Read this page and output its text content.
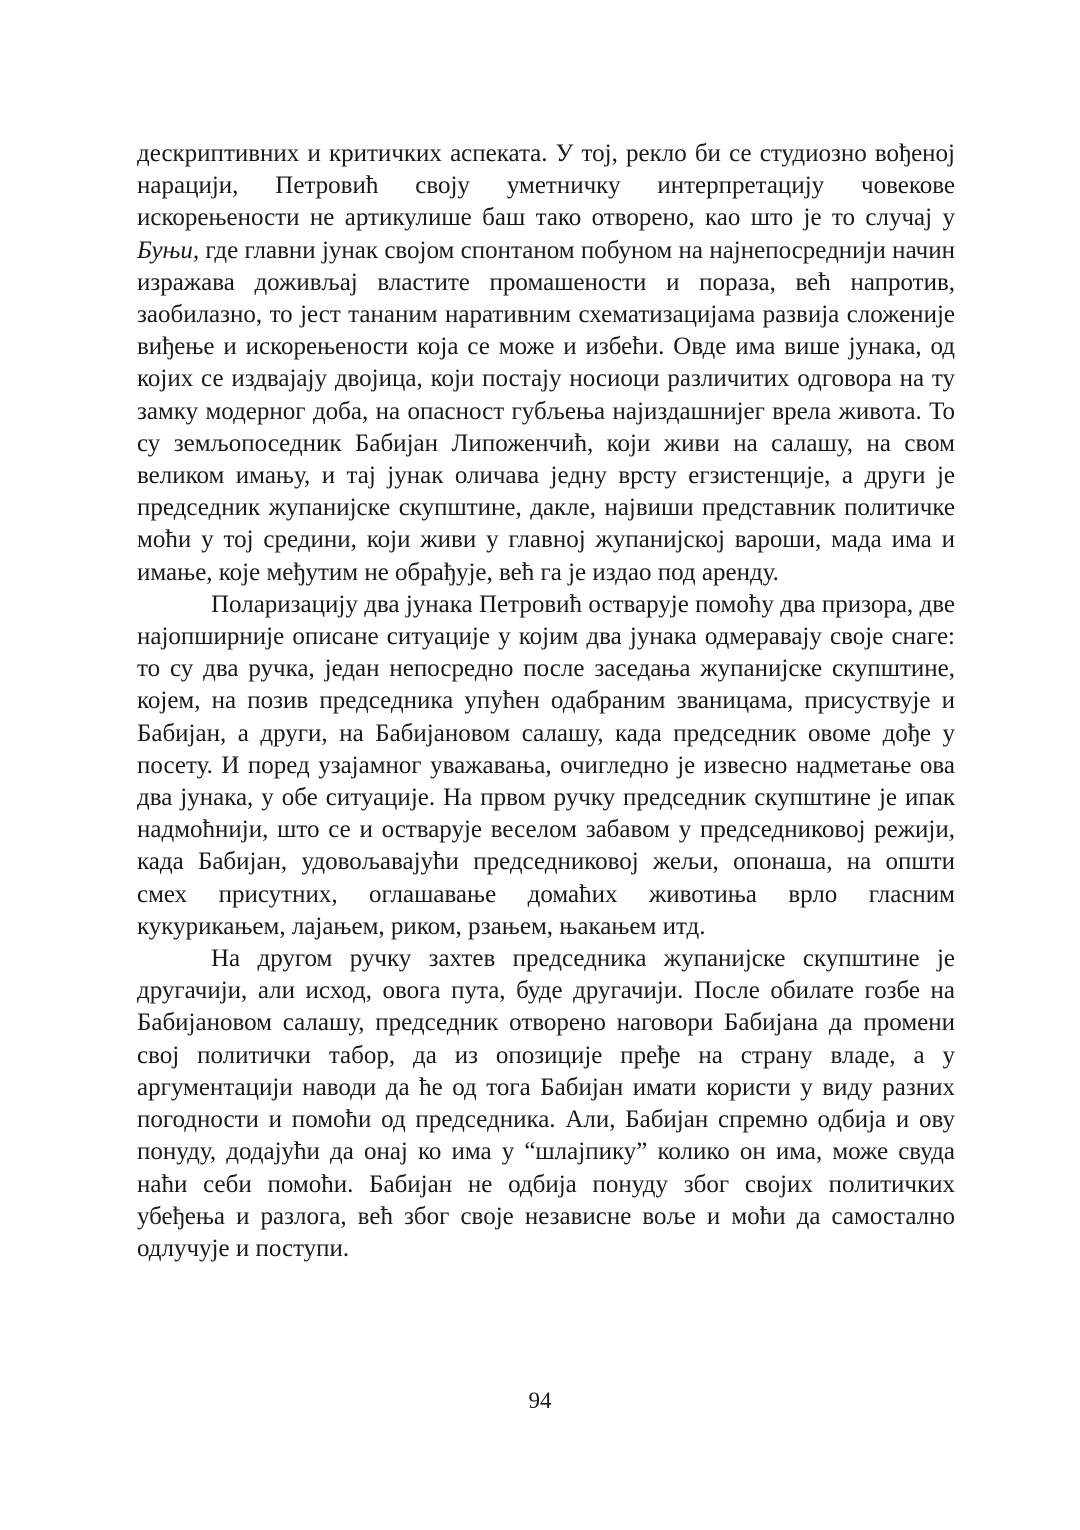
дескриптивних и критичких аспеката. У тој, рекло би се студиозно вођеној нарацији, Петровић своју уметничку интерпретацију човекове искорењености не артикулише баш тако отворено, као што је то случај у Буњи, где главни јунак својом спонтаном побуном на најнепосреднији начин изражава доживљај властите промашености и пораза, већ напротив, заобилазно, то јест тананим наративним схематизацијама развија сложеније виђење и искорењености која се може и избећи. Овде има више јунака, од којих се издвајају двојица, који постају носиоци различитих одговора на ту замку модерног доба, на опасност губљења најиздашнијег врела живота. То су земљопоседник Бабијан Липоженчић, који живи на салашу, на свом великом имању, и тај јунак оличава једну врсту егзистенције, а други је председник жупанијске скупштине, дакле, највиши представник политичке моћи у тој средини, који живи у главној жупанијској вароши, мада има и имање, које међутим не обрађује, већ га је издао под аренду.

Поларизацију два јунака Петровић остварује помоћу два призора, две најопширније описане ситуације у којим два јунака одмеравају своје снаге: то су два ручка, један непосредно после заседања жупанијске скупштине, којем, на позив председника упућен одабраним званицама, присуствује и Бабијан, а други, на Бабијановом салашу, када председник овоме дође у посету. И поред узајамног уважавања, очигледно је извесно надметање ова два јунака, у обе ситуације. На првом ручку председник скупштине је ипак надмоћнији, што се и остварује веселом забавом у председниковој режији, када Бабијан, удовољавајући председниковој жељи, опонаша, на општи смех присутних, оглашавање домаћих животиња врло гласним кукурикањем, лајањем, риком, рзањем, њакањем итд.

На другом ручку захтев председника жупанијске скупштине је другачији, али исход, овога пута, буде другачији. После обилате гозбе на Бабијановом салашу, председник отворено наговори Бабијана да промени свој политички табор, да из опозиције пређе на страну владе, а у аргументацији наводи да ће од тога Бабијан имати користи у виду разних погодности и помоћи од председника. Али, Бабијан спремно одбија и ову понуду, додајући да онај ко има у “шлајпику” колико он има, може свуда наћи себи помоћи. Бабијан не одбија понуду због својих политичких убеђења и разлога, већ због своје независне воље и моћи да самостално одлучује и поступи.

94
